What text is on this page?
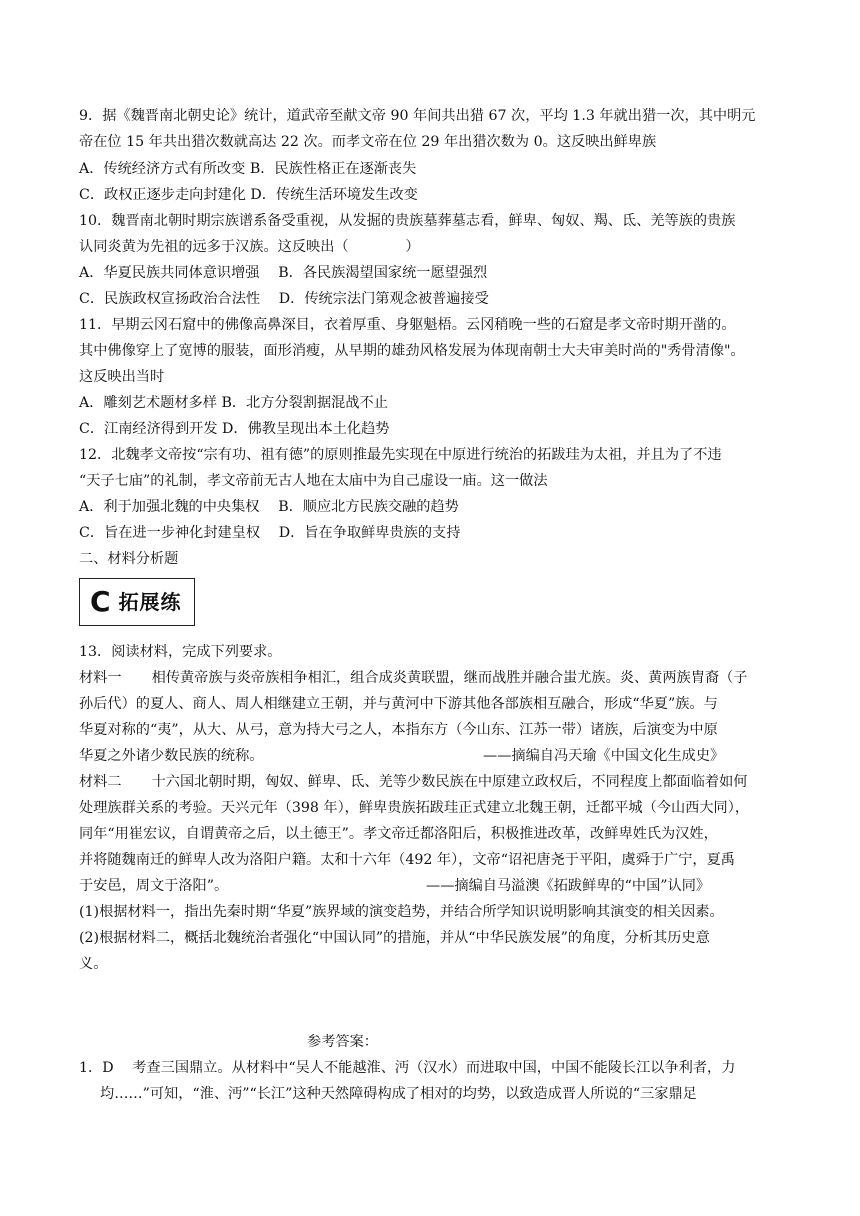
9．据《魏晋南北朝史论》统计，道武帝至献文帝 90 年间共出猎 67 次，平均 1.3 年就出猎一次，其中明元
帝在位 15 年共出猎次数就高达 22 次。而孝文帝在位 29 年出猎次数为 0。这反映出鲜卑族
A．传统经济方式有所改变 B．民族性格正在逐渐丧失
C．政权正逐步走向封建化 D．传统生活环境发生改变
10．魏晋南北朝时期宗族谱系备受重视，从发掘的贵族墓葬墓志看，鲜卑、匈奴、羯、氐、羌等族的贵族
认同炎黄为先祖的远多于汉族。这反映出（　　　　）
A．华夏民族共同体意识增强　 B．各民族渴望国家统一愿望强烈
C．民族政权宣扬政治合法性　 D．传统宗法门第观念被普遍接受
11．早期云冈石窟中的佛像高鼻深目，衣着厚重、身躯魁梧。云冈稍晚一些的石窟是孝文帝时期开凿的。
其中佛像穿上了宽博的服装，面形消瘦，从早期的雄劲风格发展为体现南朝士大夫审美时尚的"秀骨清像"。
这反映出当时
A．雕刻艺术题材多样 B．北方分裂割据混战不止
C．江南经济得到开发 D．佛教呈现出本土化趋势
12．北魏孝文帝按“宗有功、祖有德”的原则推最先实现在中原进行统治的拓跋珪为太祖，并且为了不违
“天子七庙”的礼制，孝文帝前无古人地在太庙中为自己虚设一庙。这一做法
A．利于加强北魏的中央集权　 B．顺应北方民族交融的趋势
C．旨在进一步神化封建皇权　 D．旨在争取鲜卑贵族的支持
二、材料分析题
C 拓展练
13．阅读材料，完成下列要求。
材料一 相传黄帝族与炎帝族相争相汇，组合成炎黄联盟，继而战胜并融合蚩尤族。炎、黄两族胄裔（子
孙后代）的夏人、商人、周人相继建立王朝，并与黄河中下游其他各部族相互融合，形成“华夏”族。与
华夏对称的“夷”，从大、从弓，意为持大弓之人，本指东方（今山东、江苏一带）诸族，后演变为中原
华夏之外诸少数民族的统称。	——摘编自冯天瑜《中国文化生成史》
材料二 十六国北朝时期，匈奴、鲜卑、氐、羌等少数民族在中原建立政权后，不同程度上都面临着如何
处理族群关系的考验。天兴元年（398 年），鲜卑贵族拓跋珪正式建立北魏王朝，迁都平城（今山西大同），
同年“用崔宏议，自谓黄帝之后，以土德王”。孝文帝迁都洛阳后，积极推进改革，改鲜卑姓氏为汉姓，
并将随魏南迁的鲜卑人改为洛阳户籍。太和十六年（492 年），文帝“诏祀唐尧于平阳，虞舜于广宁，夏禹
于安邑，周文于洛阳”。	——摘编自马溢澳《拓跋鲜卑的“中国”认同》
(1)根据材料一，指出先秦时期“华夏”族界域的演变趋势，并结合所学知识说明影响其演变的相关因素。
(2)根据材料二，概括北魏统治者强化“中国认同”的措施，并从“中华民族发展”的角度，分析其历史意
义。
参考答案：
1．D　 考查三国鼎立。从材料中“吴人不能越淮、沔（汉水）而进取中国，中国不能陵长江以争利者，力
均……”可知，“淮、沔”“长江”这种天然障碍构成了相对的均势，以致造成晋人所说的“三家鼎足
